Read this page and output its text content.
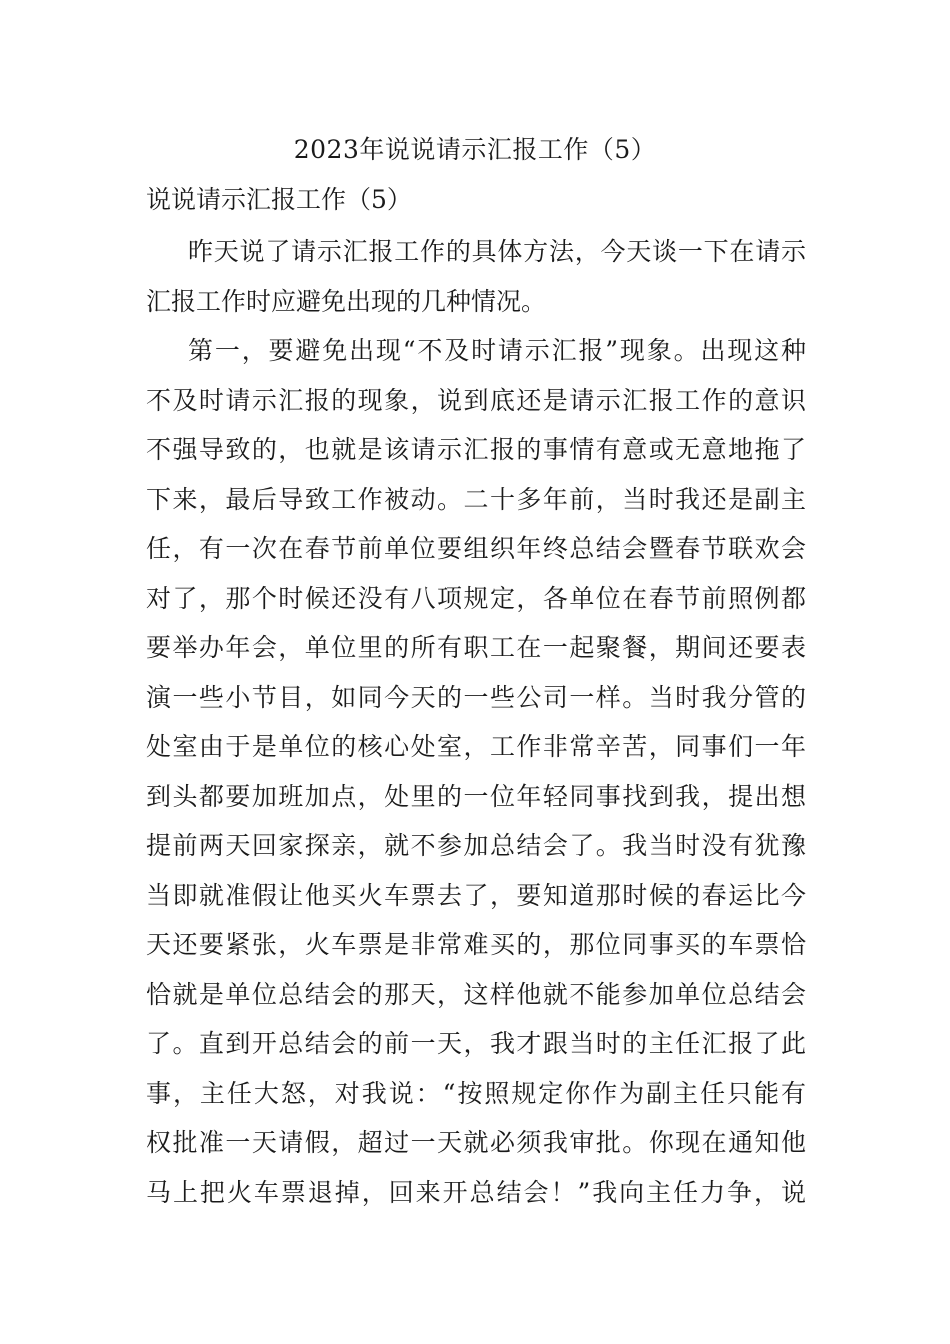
2023年说说请示汇报工作（5）
说说请示汇报工作（5）
昨天说了请示汇报工作的具体方法，今天谈一下在请示
汇报工作时应避免出现的几种情况。
第一，要避免出现“不及时请示汇报”现象。出现这种
不及时请示汇报的现象，说到底还是请示汇报工作的意识
不强导致的，也就是该请示汇报的事情有意或无意地拖了
下来，最后导致工作被动。二十多年前，当时我还是副主
任，有一次在春节前单位要组织年终总结会暨春节联欢会
对了，那个时候还没有八项规定，各单位在春节前照例都
要举办年会，单位里的所有职工在一起聚餐，期间还要表
演一些小节目，如同今天的一些公司一样。当时我分管的
处室由于是单位的核心处室，工作非常辛苦，同事们一年
到头都要加班加点，处里的一位年轻同事找到我，提出想
提前两天回家探亲，就不参加总结会了。我当时没有犹豫
当即就准假让他买火车票去了，要知道那时候的春运比今
天还要紧张，火车票是非常难买的，那位同事买的车票恰
恰就是单位总结会的那天，这样他就不能参加单位总结会
了。直到开总结会的前一天，我才跟当时的主任汇报了此
事，主任大怒，对我说：“按照规定你作为副主任只能有
权批准一天请假，超过一天就必须我审批。你现在通知他
马上把火车票退掉，回来开总结会！”我向主任力争，说
